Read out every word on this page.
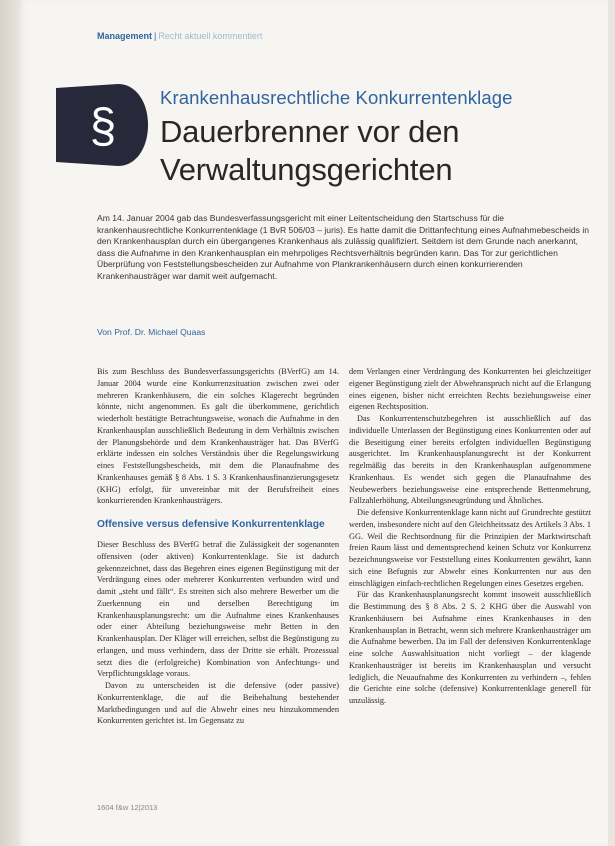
Management | Recht aktuell kommentiert
§
Krankenhausrechtliche Konkurrentenklage
Dauerbrenner vor den Verwaltungsgerichten
Am 14. Januar 2004 gab das Bundesverfassungsgericht mit einer Leitentscheidung den Startschuss für die krankenhausrechtliche Konkurrentenklage (1 BvR 506/03 – juris). Es hatte damit die Drittanfechtung eines Aufnahmebescheids in den Krankenhausplan durch ein übergangenes Krankenhaus als zulässig qualifiziert. Seitdem ist dem Grunde nach anerkannt, dass die Aufnahme in den Krankenhausplan ein mehrpoliges Rechtsverhältnis begründen kann. Das Tor zur gerichtlichen Überprüfung von Feststellungsbescheiden zur Aufnahme von Plankrankenhäusern durch einen konkurrierenden Krankenhausträger war damit weit aufgemacht.
Von Prof. Dr. Michael Quaas

Bis zum Beschluss des Bundesverfassungsgerichts (BVerfG) am 14. Januar 2004 wurde eine Konkurrenzsituation zwischen zwei oder mehreren Krankenhäusern, die ein solches Klagerecht begründen könnte, nicht angenommen. Es galt die überkommene, gerichtlich wiederholt bestätigte Betrachtungsweise, wonach die Aufnahme in den Krankenhausplan ausschließlich Bedeutung in dem Verhältnis zwischen der Planungsbehörde und dem Krankenhausträger hat. Das BVerfG erklärte indessen ein solches Verständnis über die Regelungswirkung eines Feststellungsbescheids, mit dem die Planaufnahme des Krankenhauses gemäß § 8 Abs. 1 S. 3 Krankenhausfinanzierungsgesetz (KHG) erfolgt, für unvereinbar mit der Berufsfreiheit eines konkurrierenden Krankenhausträgers.

Offensive versus defensive Konkurrentenklage

Dieser Beschluss des BVerfG betraf die Zulässigkeit der sogenannten offensiven (oder aktiven) Konkurrentenklage. Sie ist dadurch gekennzeichnet, dass das Begehren eines eigenen Begünstigung mit der Verdrängung eines oder mehrerer Konkurrenten verbunden wird und damit „steht und fällt“. Es streiten sich also mehrere Bewerber um die Zuerkennung ein und derselben Berechtigung im Krankenhausplanungsrecht: um die Aufnahme eines Krankenhauses oder einer Abteilung beziehungsweise mehr Betten in den Krankenhausplan. Der Kläger will erreichen, selbst die Begünstigung zu erlangen, und muss verhindern, dass der Dritte sie erhält. Prozessual setzt dies die (erfolgreiche) Kombination von Anfechtungs- und Verpflichtungsklage voraus.

Davon zu unterscheiden ist die defensive (oder passive) Konkurrentenklage, die auf die Beibehaltung bestehender Marktbedingungen und auf die Abwehr eines neu hinzukommenden Konkurrenten gerichtet ist. Im Gegensatz zu

dem Verlangen einer Verdrängung des Konkurrenten bei gleichzeitiger eigener Begünstigung zielt der Abwehranspruch nicht auf die Erlangung eines eigenen, bisher nicht erreichten Rechts beziehungsweise einer eigenen Rechtsposition.

Das Konkurrentenschutzbegehren ist ausschließlich auf das individuelle Unterlassen der Begünstigung eines Konkurrenten oder auf die Beseitigung einer bereits erfolgten individuellen Begünstigung ausgerichtet. Im Krankenhausplanungsrecht ist der Konkurrent regelmäßig das bereits in den Krankenhausplan aufgenommene Krankenhaus. Es wendet sich gegen die Planaufnahme des Neubewerbers beziehungsweise eine entsprechende Bettenmehrung, Fallzahlerhöhung, Abteilungsneugründung und Ähnliches.

Die defensive Konkurrentenklage kann nicht auf Grundrechte gestützt werden, insbesondere nicht auf den Gleichheitssatz des Artikels 3 Abs. 1 GG. Weil die Rechtsordnung für die Prinzipien der Marktwirtschaft freien Raum lässt und dementsprechend keinen Schutz vor Konkurrenz bezeichnungsweise vor Feststellung eines Konkurrenten gewährt, kann sich eine Befugnis zur Abwehr eines Konkurrenten nur aus den einschlägigen einfach-rechtlichen Regelungen eines Gesetzes ergeben.

Für das Krankenhausplanungsrecht kommt insoweit ausschließlich die Bestimmung des § 8 Abs. 2 S. 2 KHG über die Auswahl von Krankenhäusern bei Aufnahme eines Krankenhauses in den Krankenhausplan in Betracht, wenn sich mehrere Krankenhausträger um die Aufnahme bewerben. Da im Fall der defensiven Konkurrentenklage eine solche Auswahlsituation nicht vorliegt – der klagende Krankenhausträger ist bereits im Krankenhausplan und versucht lediglich, die Neuaufnahme des Konkurrenten zu verhindern –, fehlen die Gerichte eine solche (defensive) Konkurrentenklage generell für unzulässig.

1604 f&w 12|2013
